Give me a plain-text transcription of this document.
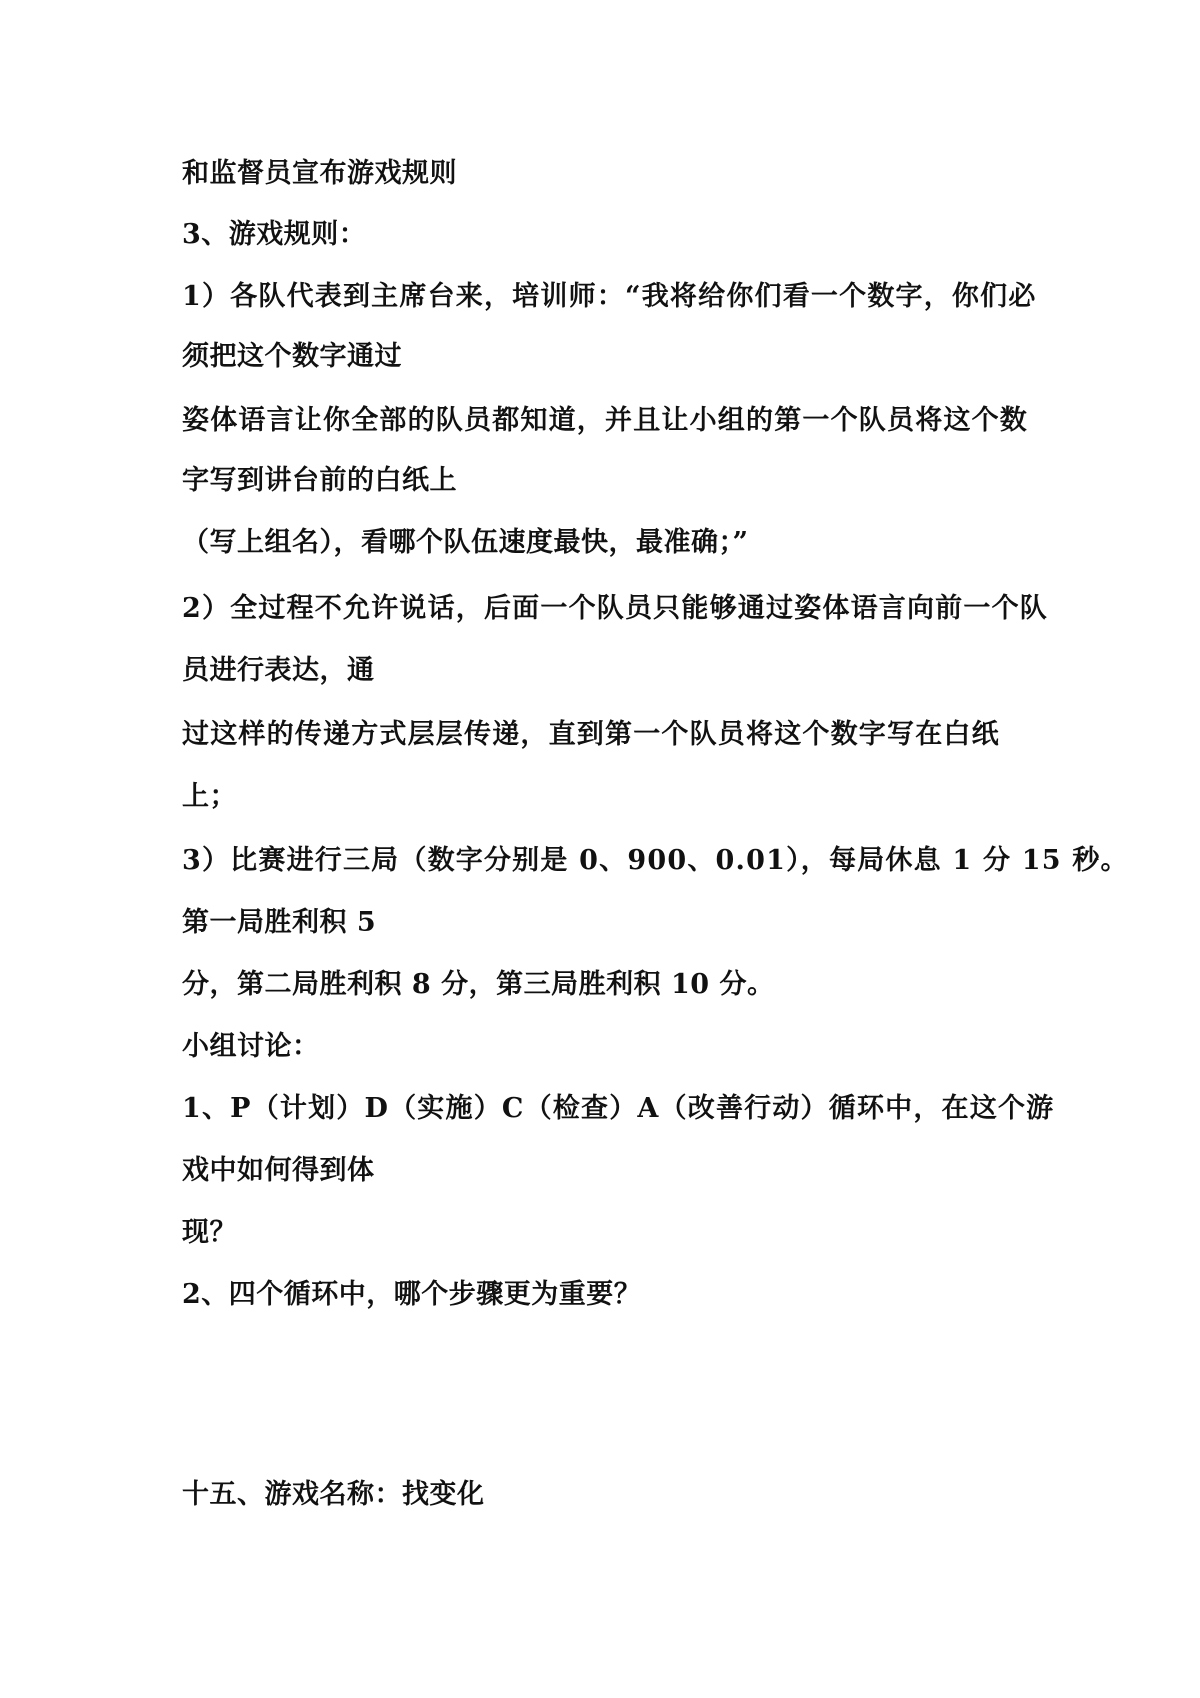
和监督员宣布游戏规则
3、游戏规则：
1）各队代表到主席台来，培训师：“我将给你们看一个数字，你们必
须把这个数字通过
姿体语言让你全部的队员都知道，并且让小组的第一个队员将这个数
字写到讲台前的白纸上
（写上组名），看哪个队伍速度最快，最准确；”
2）全过程不允许说话，后面一个队员只能够通过姿体语言向前一个队
员进行表达，通
过这样的传递方式层层传递，直到第一个队员将这个数字写在白纸
上；
3）比赛进行三局（数字分别是 0、900、0.01），每局休息 1 分 15 秒。
第一局胜利积 5
分，第二局胜利积 8 分，第三局胜利积 10 分。
小组讨论：
1、P（计划）D（实施）C（检查）A（改善行动）循环中，在这个游
戏中如何得到体
现？
2、四个循环中，哪个步骤更为重要？
十五、游戏名称：找变化
